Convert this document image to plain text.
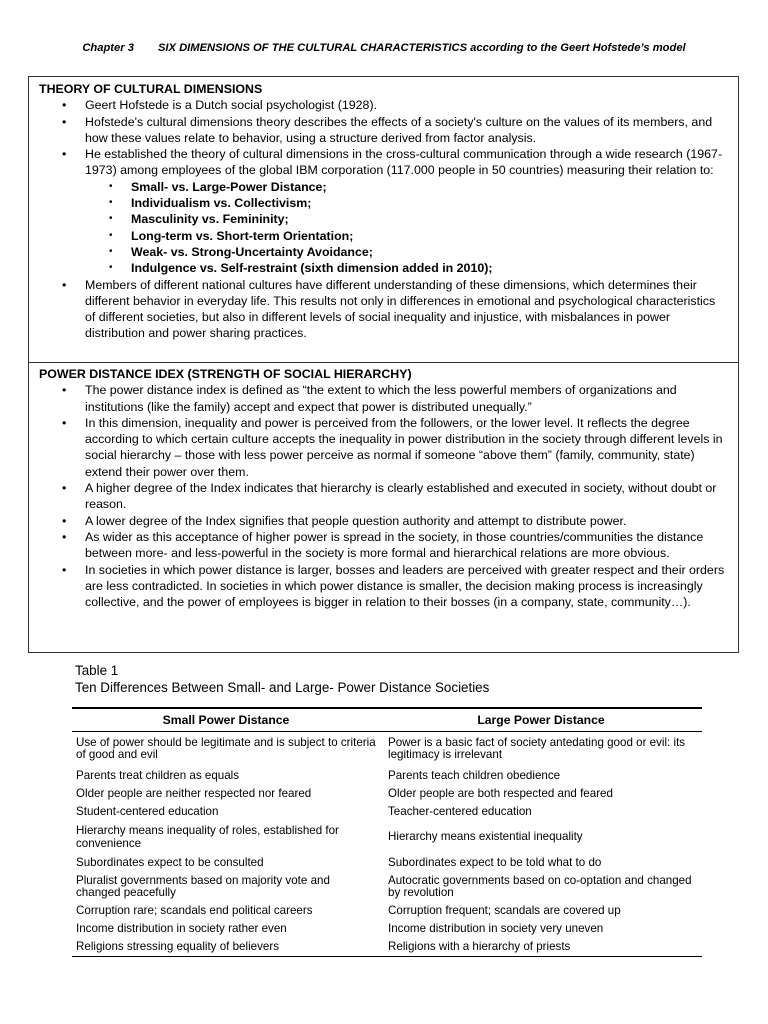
Chapter 3 SIX DIMENSIONS OF THE CULTURAL CHARACTERISTICS according to the Geert Hofstede’s model
THEORY OF CULTURAL DIMENSIONS
• Geert Hofstede is a Dutch social psychologist (1928).
• Hofstede's cultural dimensions theory describes the effects of a society's culture on the values of its members, and how these values relate to behavior, using a structure derived from factor analysis.
• He established the theory of cultural dimensions in the cross-cultural communication through a wide research (1967-1973) among employees of the global IBM corporation (117.000 people in 50 countries) measuring their relation to:
• Small- vs. Large-Power Distance;
• Individualism vs. Collectivism;
• Masculinity vs. Femininity;
• Long-term vs. Short-term Orientation;
• Weak- vs. Strong-Uncertainty Avoidance;
• Indulgence vs. Self-restraint (sixth dimension added in 2010);
• Members of different national cultures have different understanding of these dimensions, which determines their different behavior in everyday life. This results not only in differences in emotional and psychological characteristics of different societies, but also in different levels of social inequality and injustice, with misbalances in power distribution and power sharing practices.
POWER DISTANCE IDEX (STRENGTH OF SOCIAL HIERARCHY)
• The power distance index is defined as “the extent to which the less powerful members of organizations and institutions (like the family) accept and expect that power is distributed unequally.”
• In this dimension, inequality and power is perceived from the followers, or the lower level. It reflects the degree according to which certain culture accepts the inequality in power distribution in the society through different levels in social hierarchy – those with less power perceive as normal if someone “above them” (family, community, state) extend their power over them.
• A higher degree of the Index indicates that hierarchy is clearly established and executed in society, without doubt or reason.
• A lower degree of the Index signifies that people question authority and attempt to distribute power.
• As wider as this acceptance of higher power is spread in the society, in those countries/communities the distance between more- and less-powerful in the society is more formal and hierarchical relations are more obvious.
• In societies in which power distance is larger, bosses and leaders are perceived with greater respect and their orders are less contradicted. In societies in which power distance is smaller, the decision making process is increasingly collective, and the power of employees is bigger in relation to their bosses (in a company, state, community…).
Table 1
Ten Differences Between Small- and Large- Power Distance Societies
Small Power Distance	Large Power Distance
Use of power should be legitimate and is subject to criteria of good and evil	Power is a basic fact of society antedating good or evil: its legitimacy is irrelevant
Parents treat children as equals	Parents teach children obedience
Older people are neither respected nor feared	Older people are both respected and feared
Student-centered education	Teacher-centered education
Hierarchy means inequality of roles, established for convenience	Hierarchy means existential inequality
Subordinates expect to be consulted	Subordinates expect to be told what to do
Pluralist governments based on majority vote and changed peacefully	Autocratic governments based on co-optation and changed by revolution
Corruption rare; scandals end political careers	Corruption frequent; scandals are covered up
Income distribution in society rather even	Income distribution in society very uneven
Religions stressing equality of believers	Religions with a hierarchy of priests
